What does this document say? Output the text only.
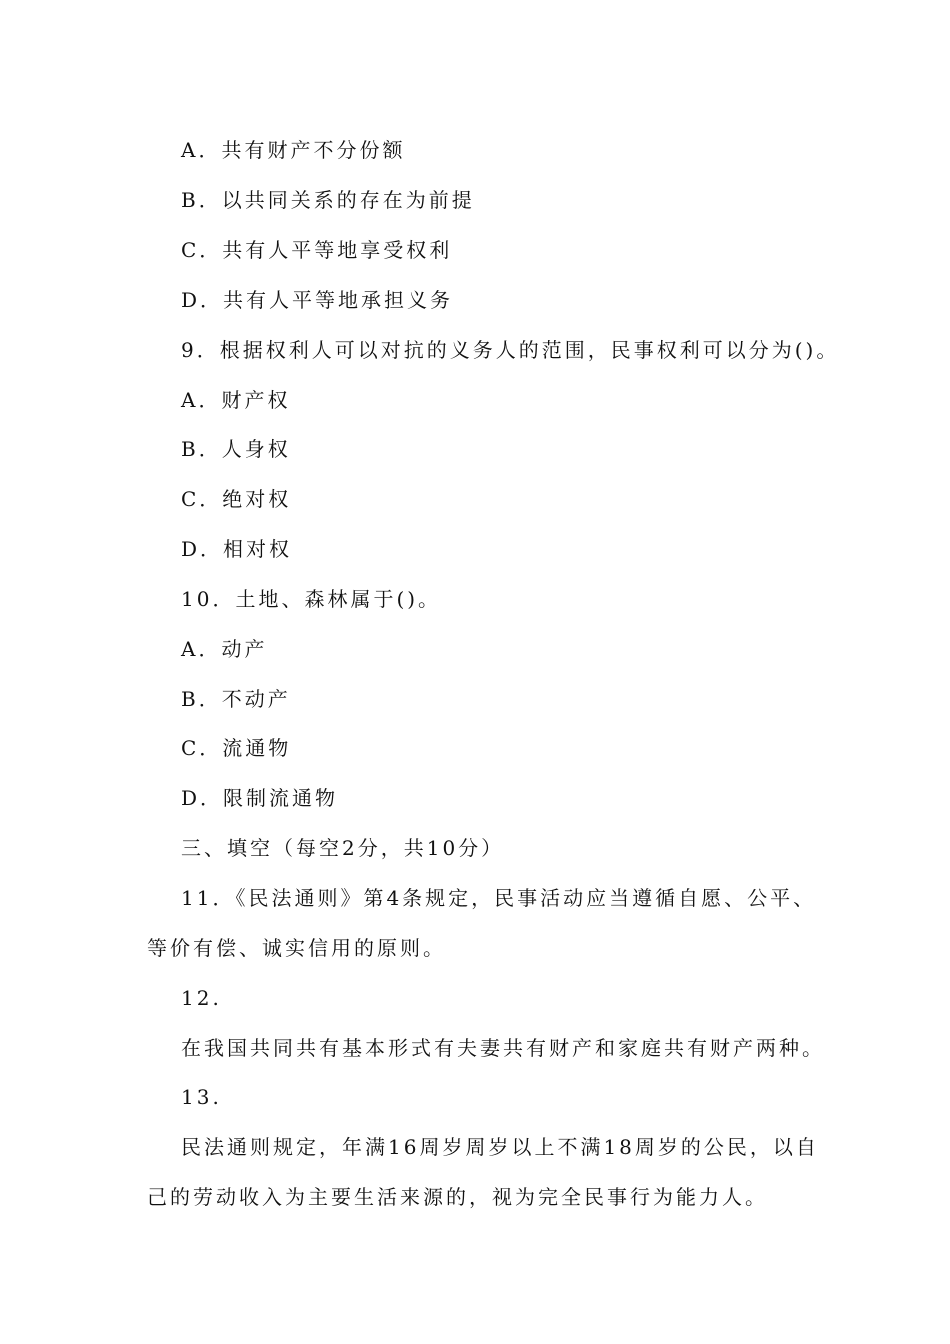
A．共有财产不分份额
B．以共同关系的存在为前提
C．共有人平等地享受权利
D．共有人平等地承担义务
9．根据权利人可以对抗的义务人的范围，民事权利可以分为()。
A．财产权
B．人身权
C．绝对权
D．相对权
10．土地、森林属于()。
A．动产
B．不动产
C．流通物
D．限制流通物
三、填空（每空2分，共10分）
11．《民法通则》第4条规定，民事活动应当遵循自愿、公平、
等价有偿、诚实信用的原则。
12.
在我国共同共有基本形式有夫妻共有财产和家庭共有财产两种。
13.
民法通则规定，年满16周岁周岁以上不满18周岁的公民，以自
己的劳动收入为主要生活来源的，视为完全民事行为能力人。
